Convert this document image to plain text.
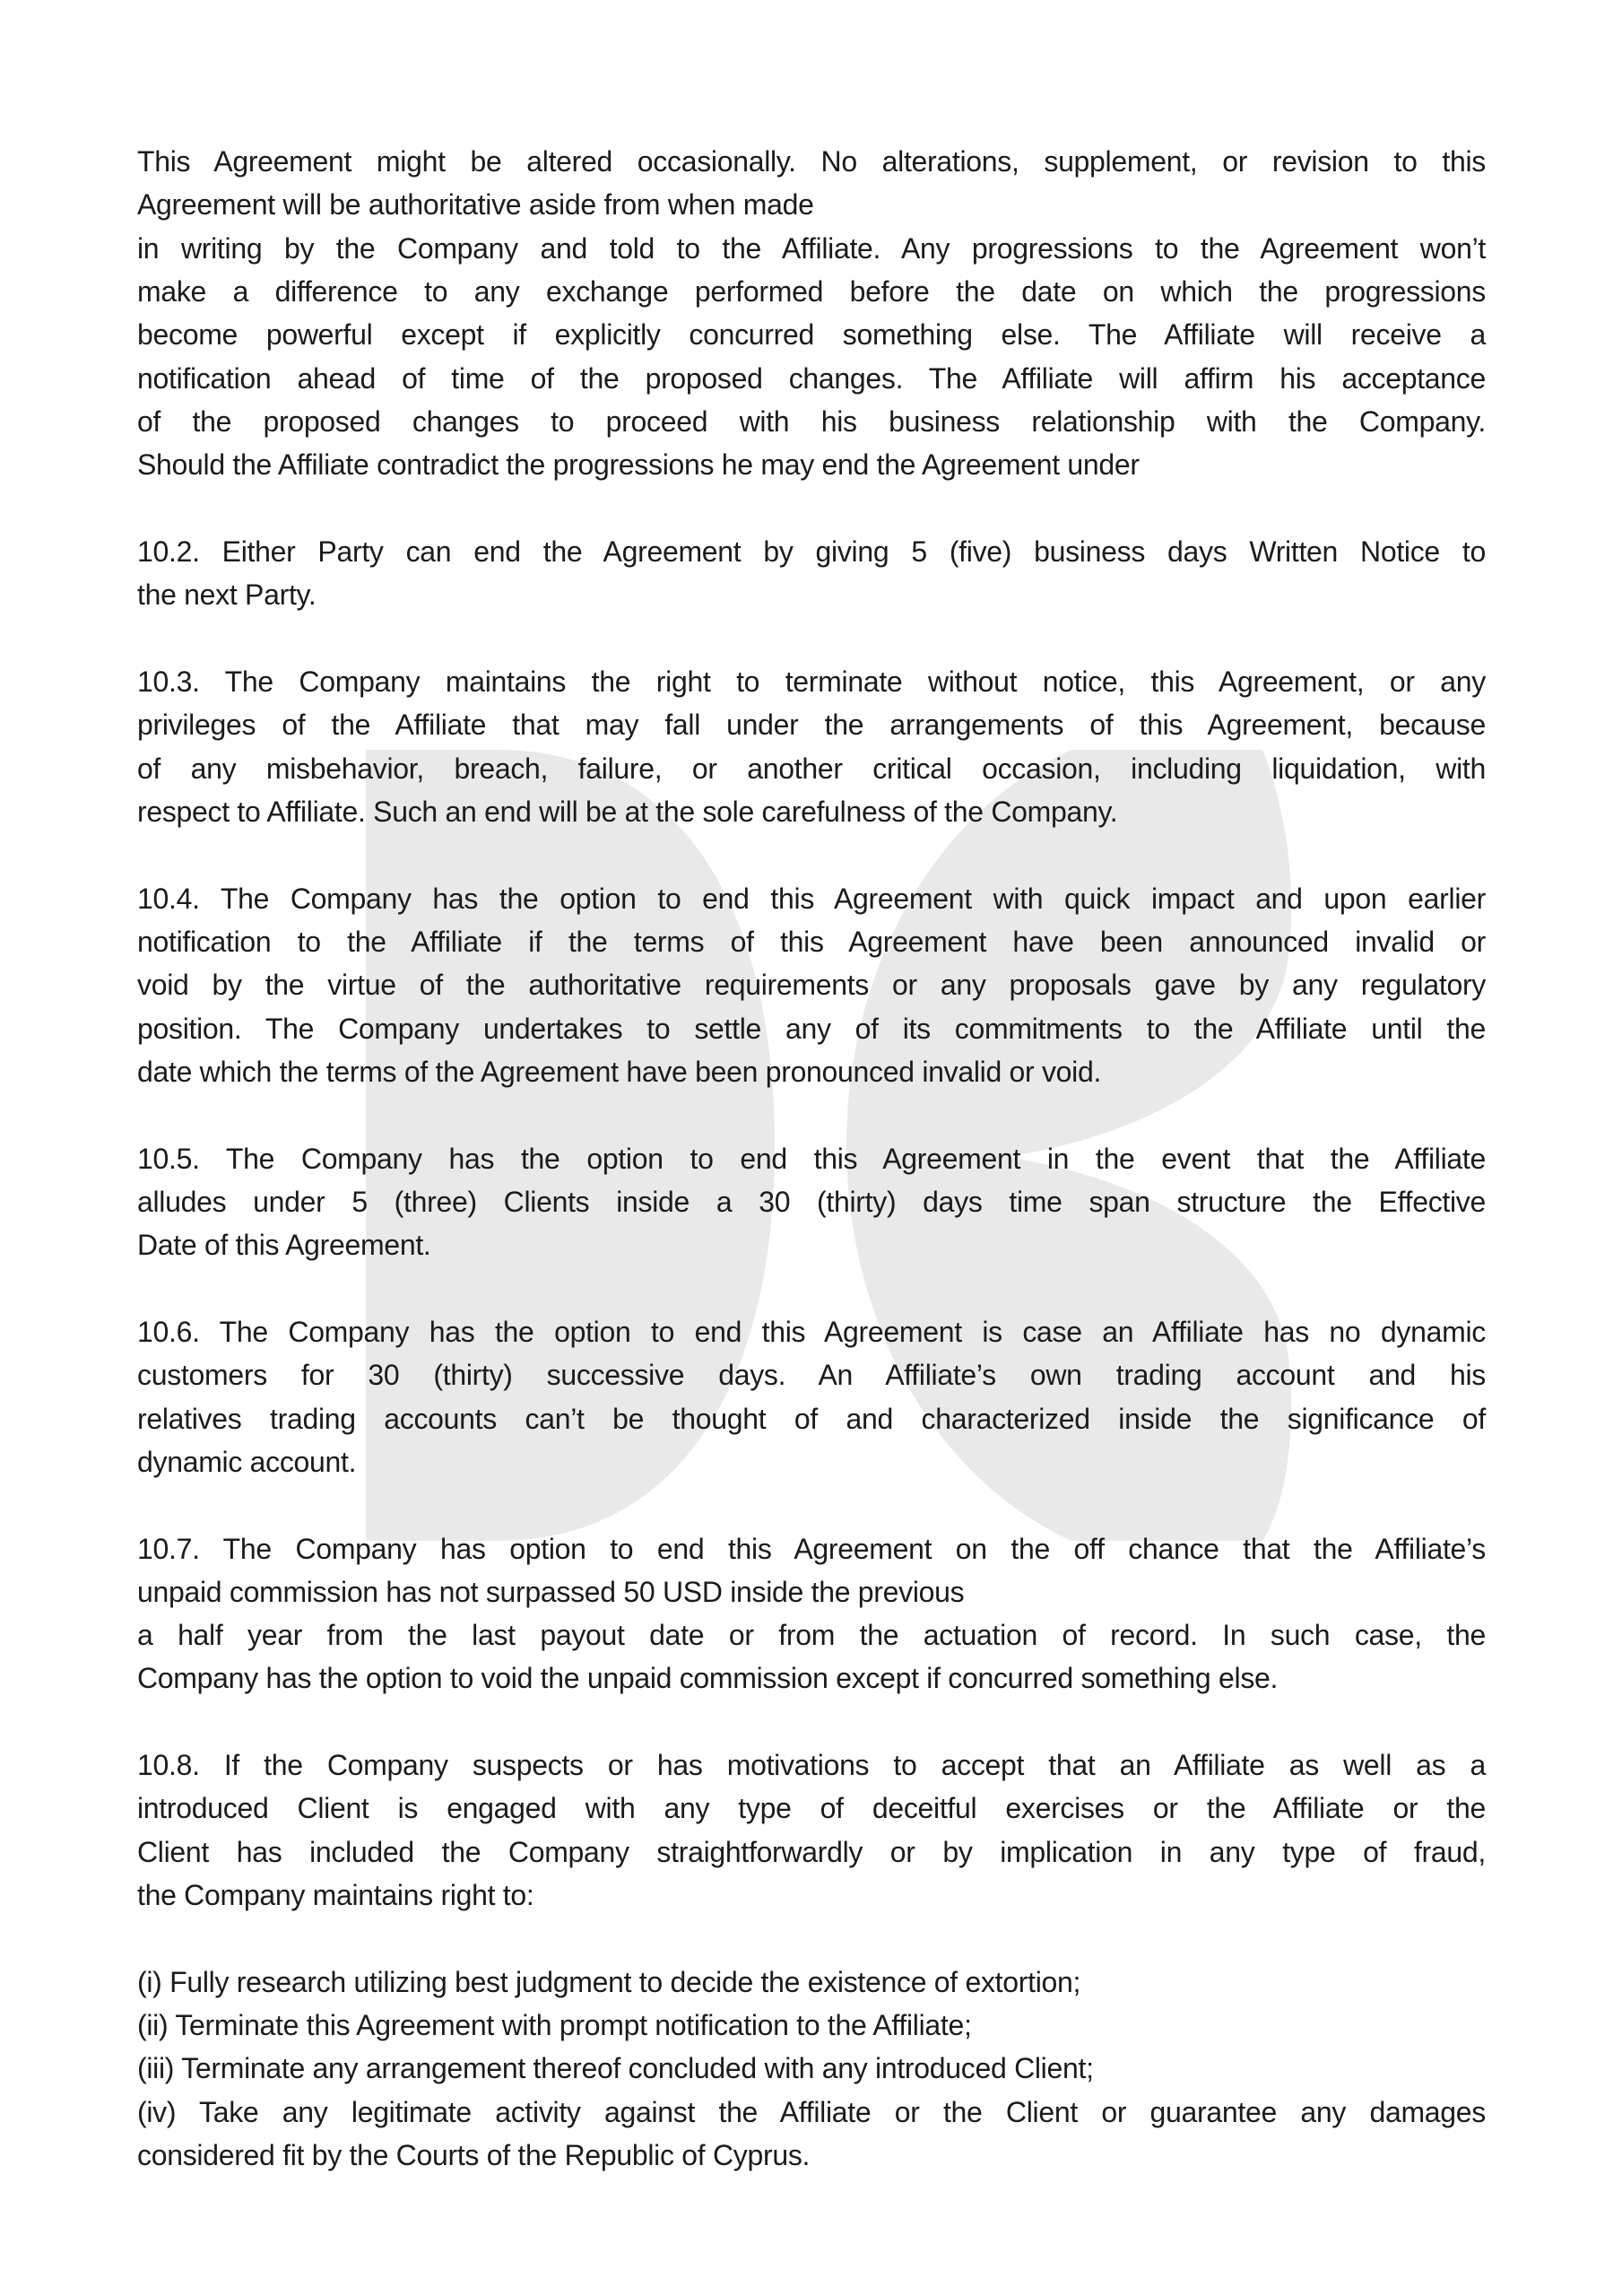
This Agreement might be altered occasionally. No alterations, supplement, or revision to this
Agreement will be authoritative aside from when made
in writing by the Company and told to the Affiliate. Any progressions to the Agreement won’t
make a difference to any exchange performed before the date on which the progressions
become powerful except if explicitly concurred something else. The Affiliate will receive a
notification ahead of time of the proposed changes. The Affiliate will affirm his acceptance
of the proposed changes to proceed with his business relationship with the Company.
Should the Affiliate contradict the progressions he may end the Agreement under
10.2. Either Party can end the Agreement by giving 5 (five) business days Written Notice to
the next Party.
10.3. The Company maintains the right to terminate without notice, this Agreement, or any
privileges of the Affiliate that may fall under the arrangements of this Agreement, because
of any misbehavior, breach, failure, or another critical occasion, including liquidation, with
respect to Affiliate. Such an end will be at the sole carefulness of the Company.
10.4. The Company has the option to end this Agreement with quick impact and upon earlier
notification to the Affiliate if the terms of this Agreement have been announced invalid or
void by the virtue of the authoritative requirements or any proposals gave by any regulatory
position. The Company undertakes to settle any of its commitments to the Affiliate until the
date which the terms of the Agreement have been pronounced invalid or void.
10.5. The Company has the option to end this Agreement in the event that the Affiliate
alludes under 5 (three) Clients inside a 30 (thirty) days time span structure the Effective
Date of this Agreement.
10.6. The Company has the option to end this Agreement is case an Affiliate has no dynamic
customers for 30 (thirty) successive days. An Affiliate’s own trading account and his
relatives trading accounts can’t be thought of and characterized inside the significance of
dynamic account.
10.7. The Company has option to end this Agreement on the off chance that the Affiliate’s
unpaid commission has not surpassed 50 USD inside the previous
a half year from the last payout date or from the actuation of record. In such case, the
Company has the option to void the unpaid commission except if concurred something else.
10.8. If the Company suspects or has motivations to accept that an Affiliate as well as a
introduced Client is engaged with any type of deceitful exercises or the Affiliate or the
Client has included the Company straightforwardly or by implication in any type of fraud,
the Company maintains right to:
(i) Fully research utilizing best judgment to decide the existence of extortion;
(ii) Terminate this Agreement with prompt notification to the Affiliate;
(iii) Terminate any arrangement thereof concluded with any introduced Client;
(iv) Take any legitimate activity against the Affiliate or the Client or guarantee any damages
considered fit by the Courts of the Republic of Cyprus.
